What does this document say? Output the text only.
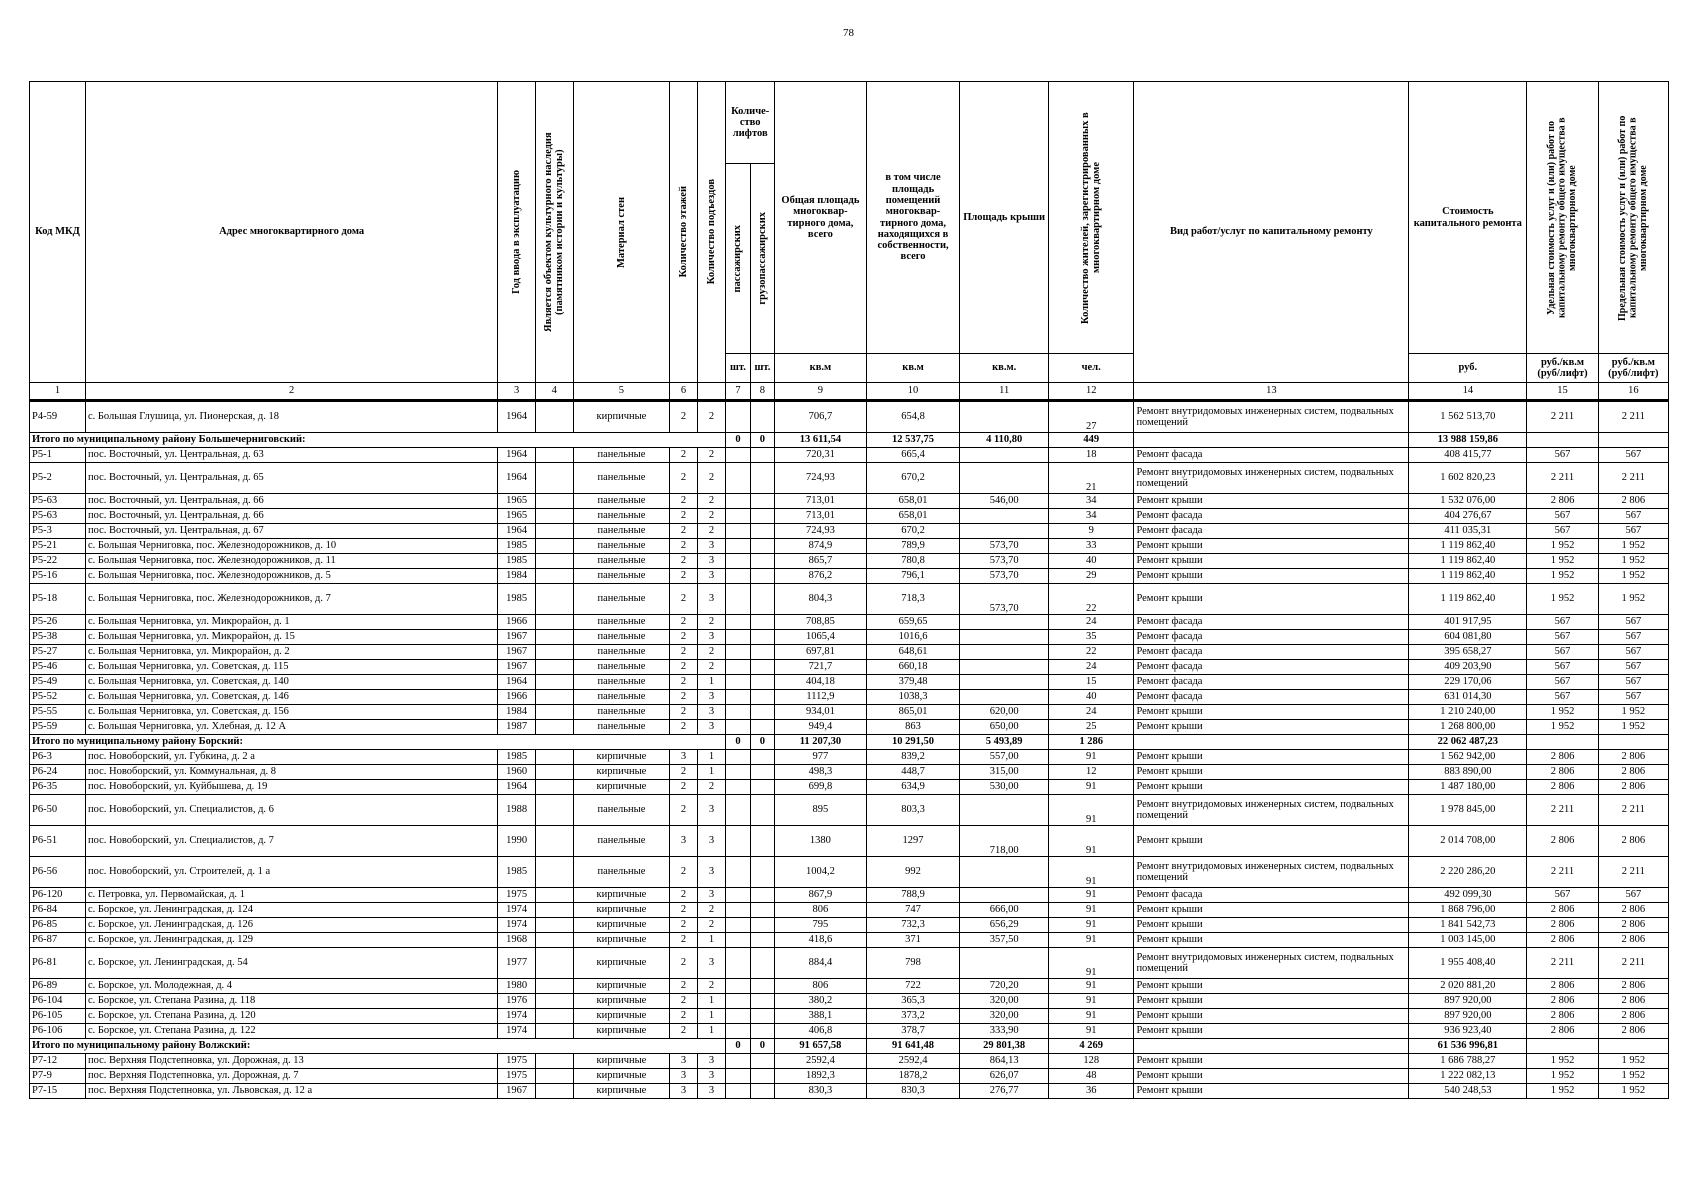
78
Код МКД	Адрес многоквартирного дома	Год ввода в эксплуатацию	Является объектом культурного наследия (памятником истории и культуры)	Материал стен	Количество этажей	Количество подъездов	Количе-ство лифтов		Общая площадь многоквар-тирного дома, всего	в том числе площадь помещений многоквар-тирного дома, находящихся в собственности, всего	Площадь крыши	Количество жителей, зарегистрированных в многоквартирном доме	Вид работ/услуг по капитальному ремонту	Стоимость капитального ремонта	Удельная стоимость услуг и (или) работ по капитальному ремонту общего имущества в многоквартирном доме	Предельная стоимость услуг и (или) работ по капитальному ремонту общего имущества в многоквартирном доме

							пассажирских	грузопассажирских								

							шт.	шт.	кв.м	кв.м	кв.м.	чел.		руб.	руб./кв.м (руб/лифт)	руб./кв.м (руб/лифт)
1	2	3	4	5	6		7	8	9	10	11	12	13	14	15	16
Р4-59	с. Большая Глушица, ул. Пионерская, д. 18	1964		кирпичные	2	2			706,7	654,8		27	Ремонт внутридомовых инженерных систем, подвальных помещений	1 562 513,70	2 211	2 211
Итого по муниципальному району Большечерниговский:							0	0	13 611,54	12 537,75	4 110,80	449		13 988 159,86		
Р5-1	пос. Восточный, ул. Центральная, д. 63	1964		панельные	2	2			720,31	665,4		18	Ремонт фасада	408 415,77	567	567
Р5-2	пос. Восточный, ул. Центральная, д. 65	1964		панельные	2	2			724,93	670,2		21	Ремонт внутридомовых инженерных систем, подвальных помещений	1 602 820,23	2 211	2 211
Р5-63	пос. Восточный, ул. Центральная, д. 66	1965		панельные	2	2			713,01	658,01	546,00	34	Ремонт крыши	1 532 076,00	2 806	2 806
Р5-63	пос. Восточный, ул. Центральная, д. 66	1965		панельные	2	2			713,01	658,01		34	Ремонт фасада	404 276,67	567	567
Р5-3	пос. Восточный, ул. Центральная, д. 67	1964		панельные	2	2			724,93	670,2		9	Ремонт фасада	411 035,31	567	567
Р5-21	с. Большая Черниговка, пос. Железнодорожников, д. 10	1985		панельные	2	3			874,9	789,9	573,70	33	Ремонт крыши	1 119 862,40	1 952	1 952
Р5-22	с. Большая Черниговка, пос. Железнодорожников, д. 11	1985		панельные	2	3			865,7	780,8	573,70	40	Ремонт крыши	1 119 862,40	1 952	1 952
Р5-16	с. Большая Черниговка, пос. Железнодорожников, д. 5	1984		панельные	2	3			876,2	796,1	573,70	29	Ремонт крыши	1 119 862,40	1 952	1 952
Р5-18	с. Большая Черниговка, пос. Железнодорожников, д. 7	1985		панельные	2	3			804,3	718,3	573,70	22	Ремонт крыши	1 119 862,40	1 952	1 952
Р5-26	с. Большая Черниговка, ул. Микрорайон, д. 1	1966		панельные	2	2			708,85	659,65		24	Ремонт фасада	401 917,95	567	567
Р5-38	с. Большая Черниговка, ул. Микрорайон, д. 15	1967		панельные	2	3			1065,4	1016,6		35	Ремонт фасада	604 081,80	567	567
Р5-27	с. Большая Черниговка, ул. Микрорайон, д. 2	1967		панельные	2	2			697,81	648,61		22	Ремонт фасада	395 658,27	567	567
Р5-46	с. Большая Черниговка, ул. Советская, д. 115	1967		панельные	2	2			721,7	660,18		24	Ремонт фасада	409 203,90	567	567
Р5-49	с. Большая Черниговка, ул. Советская, д. 140	1964		панельные	2	1			404,18	379,48		15	Ремонт фасада	229 170,06	567	567
Р5-52	с. Большая Черниговка, ул. Советская, д. 146	1966		панельные	2	3			1112,9	1038,3		40	Ремонт фасада	631 014,30	567	567
Р5-55	с. Большая Черниговка, ул. Советская, д. 156	1984		панельные	2	3			934,01	865,01	620,00	24	Ремонт крыши	1 210 240,00	1 952	1 952
Р5-59	с. Большая Черниговка, ул. Хлебная, д. 12 А	1987		панельные	2	3			949,4	863	650,00	25	Ремонт крыши	1 268 800,00	1 952	1 952
Итого по муниципальному району Борский:							0	0	11 207,30	10 291,50	5 493,89	1 286		22 062 487,23		
Р6-3	пос. Новоборский, ул. Губкина, д. 2 а	1985		кирпичные	3	1			977	839,2	557,00	91	Ремонт крыши	1 562 942,00	2 806	2 806
Р6-24	пос. Новоборский, ул. Коммунальная, д. 8	1960		кирпичные	2	1			498,3	448,7	315,00	12	Ремонт крыши	883 890,00	2 806	2 806
Р6-35	пос. Новоборский, ул. Куйбышева, д. 19	1964		кирпичные	2	2			699,8	634,9	530,00	91	Ремонт крыши	1 487 180,00	2 806	2 806
Р6-50	пос. Новоборский, ул. Специалистов, д. 6	1988		панельные	2	3			895	803,3		91	Ремонт внутридомовых инженерных систем, подвальных помещений	1 978 845,00	2 211	2 211
Р6-51	пос. Новоборский, ул. Специалистов, д. 7	1990		панельные	3	3			1380	1297	718,00	91	Ремонт крыши	2 014 708,00	2 806	2 806
Р6-56	пос. Новоборский, ул. Строителей, д. 1 а	1985		панельные	2	3			1004,2	992		91	Ремонт внутридомовых инженерных систем, подвальных помещений	2 220 286,20	2 211	2 211
Р6-120	с. Петровка, ул. Первомайская, д. 1	1975		кирпичные	2	3			867,9	788,9		91	Ремонт фасада	492 099,30	567	567
Р6-84	с. Борское, ул. Ленинградская, д. 124	1974		кирпичные	2	2			806	747	666,00	91	Ремонт крыши	1 868 796,00	2 806	2 806
Р6-85	с. Борское, ул. Ленинградская, д. 126	1974		кирпичные	2	2			795	732,3	656,29	91	Ремонт крыши	1 841 542,73	2 806	2 806
Р6-87	с. Борское, ул. Ленинградская, д. 129	1968		кирпичные	2	1			418,6	371	357,50	91	Ремонт крыши	1 003 145,00	2 806	2 806
Р6-81	с. Борское, ул. Ленинградская, д. 54	1977		кирпичные	2	3			884,4	798		91	Ремонт внутридомовых инженерных систем, подвальных помещений	1 955 408,40	2 211	2 211
Р6-89	с. Борское, ул. Молодежная, д. 4	1980		кирпичные	2	2			806	722	720,20	91	Ремонт крыши	2 020 881,20	2 806	2 806
Р6-104	с. Борское, ул. Степана Разина, д. 118	1976		кирпичные	2	1			380,2	365,3	320,00	91	Ремонт крыши	897 920,00	2 806	2 806
Р6-105	с. Борское, ул. Степана Разина, д. 120	1974		кирпичные	2	1			388,1	373,2	320,00	91	Ремонт крыши	897 920,00	2 806	2 806
Р6-106	с. Борское, ул. Степана Разина, д. 122	1974		кирпичные	2	1			406,8	378,7	333,90	91	Ремонт крыши	936 923,40	2 806	2 806
Итого по муниципальному району Волжский:							0	0	91 657,58	91 641,48	29 801,38	4 269		61 536 996,81		
Р7-12	пос. Верхняя Подстепновка, ул. Дорожная, д. 13	1975		кирпичные	3	3			2592,4	2592,4	864,13	128	Ремонт крыши	1 686 788,27	1 952	1 952
Р7-9	пос. Верхняя Подстепновка, ул. Дорожная, д. 7	1975		кирпичные	3	3			1892,3	1878,2	626,07	48	Ремонт крыши	1 222 082,13	1 952	1 952
Р7-15	пос. Верхняя Подстепновка, ул. Львовская, д. 12 а	1967		кирпичные	3	3			830,3	830,3	276,77	36	Ремонт крыши	540 248,53	1 952	1 952
